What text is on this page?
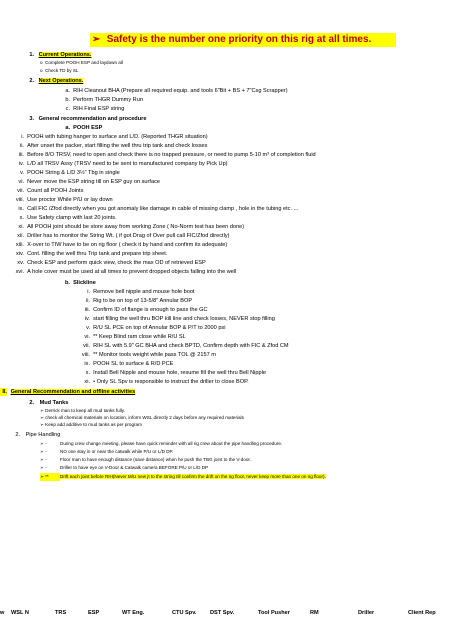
➢ Safety is the number one priority on this rig at all times.
1. Current Operations.
o  Complete POOH ESP and laydown all
o  Check TD by SL
2. Next Operations.
a. RIH Cleanout BHA (Prepare all required equip. and tools 6"Bit + BS + 7"Csg Scrapper)
b. Perform THGR Dummy Run
c. RIH Final ESP string
3. General recommendation and procedure
a. POOH ESP
i. POOH with tubing hanger to surface and L/D. (Reported THGR situation)
ii. After unset the packer, start filling the well thru trip tank and check losses
iii. Before 8/O TRSV, need to open and check there is no trapped pressure, or need to pump 5-10 m³ of completion fluid
iv. L/D all TRSV Assy (TRSV need to be sent to manufactured company by Pick Up)
v. POOH String & L/D 3½" Tbg in single
vi. Never move the ESP string till on ESP guy on surface
vii. Count all POOH Joints
viii. Use proctor While P/U or lay down
ix. Call FIC /Zfod directly when you got anomaly like damage in cable of missing clamp , hole in the tubing etc. ...
x. Use Safety clamp with last 20 joints.
xi. All POOH joint should be store away from working Zone ( No-Norm test has been done)
xii. Driller has to monitor the String Wt. ( if got Drag of Over pull call FIC/Zfod directly)
xiii. X-over to TIW have to be on rig floor ( check it by hand and confirm its adequate)
xiv. Cont. filling the well thru Trip tank and prepare trip sheet.
xv. Check ESP and perform quick view, check the max OD of retrieved ESP
xvi. A hole cover must be used at all times to prevent dropped objects falling into the well
b. Slickline
i. Remove bell nipple and mouse hole boot
ii. Rig to be on top of 13-5/8" Annular BOP
iii. Confirm ID of flange is enough to pass the GC
iv. start filling the well thru BOP kill line and check losses, NEVER stop filling
v. R/U SL PCE on top of Annular BOP & P/T to 2000 psi
vi. ** Keep Blind ram close while R/U SL
vii. RIH SL with 5.9" GC BHA and check BPTD, Confirm depth with FIC & Zfod CM
viii. ** Monitor tools weight while pass TOL @ 2157 m
ix. POOH SL to surface & R/D PCE
x. Install Bell Nipple and mouse hole, resume fill the well thru Bell Nipple
xi. • Only SL Spv is responsible to instruct the driller to close BOP.
II. General Recommendation and offline activities
2. Mud Tanks
➢ Derrick man to keep all mud tanks fully.
➢ check all chemical materials on location, inform WSL directly 2 days before any required materials
➢ Keep add additive to mud tanks as per program
2. Pipe Handling
➢ -	During crew change meeting, please have quick reminder with all rig crew about the pipe handling procedure.
➢ -	NO one stay in or near the catwalk while P/U or L/D DP.
➢ -	Floor man to have enough distance (save distance) when he push the TBG joint to the V-door.
➢ -	Driller to have eye on V-Door & Catwalk camera BEFORE P/U or L/D DP
➢ ** Drift each joint before RIH(Never M/U new jt to the string till confirm the drift on the rig floor, never keep more than one on rig floor).
w WSL N	TRS	ESP	WT Eng.	CTU Spv. DST Spv.	Tool Pusher	RM	Driller	Client Rep
